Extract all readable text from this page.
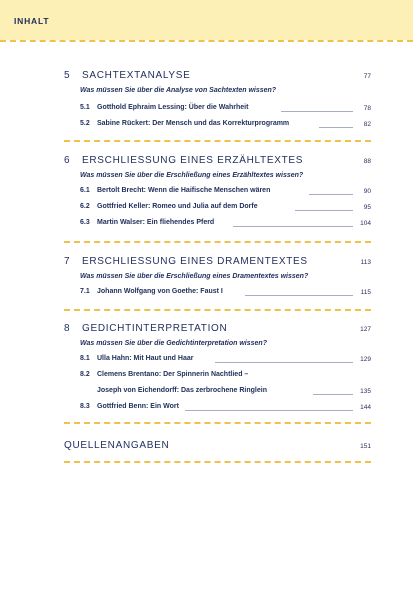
INHALT
5 SACHTEXTANALYSE	77
Was müssen Sie über die Analyse von Sachtexten wissen?
5.1 Gotthold Ephraim Lessing: Über die Wahrheit	78
5.2 Sabine Rückert: Der Mensch und das Korrekturprogramm	82
6 ERSCHLIESSUNG EINES ERZÄHLTEXTES	88
Was müssen Sie über die Erschließung eines Erzähltextes wissen?
6.1 Bertolt Brecht: Wenn die Haifische Menschen wären	90
6.2 Gottfried Keller: Romeo und Julia auf dem Dorfe	95
6.3 Martin Walser: Ein fliehendes Pferd	104
7 ERSCHLIESSUNG EINES DRAMENTEXTES	113
Was müssen Sie über die Erschließung eines Dramentextes wissen?
7.1 Johann Wolfgang von Goethe: Faust I	115
8 GEDICHTINTERPRETATION	127
Was müssen Sie über die Gedichtinterpretation wissen?
8.1 Ulla Hahn: Mit Haut und Haar	129
8.2 Clemens Brentano: Der Spinnerin Nachtlied –
Joseph von Eichendorff: Das zerbrochene Ringlein	135
8.3 Gottfried Benn: Ein Wort	144
QUELLENANGABEN	151
